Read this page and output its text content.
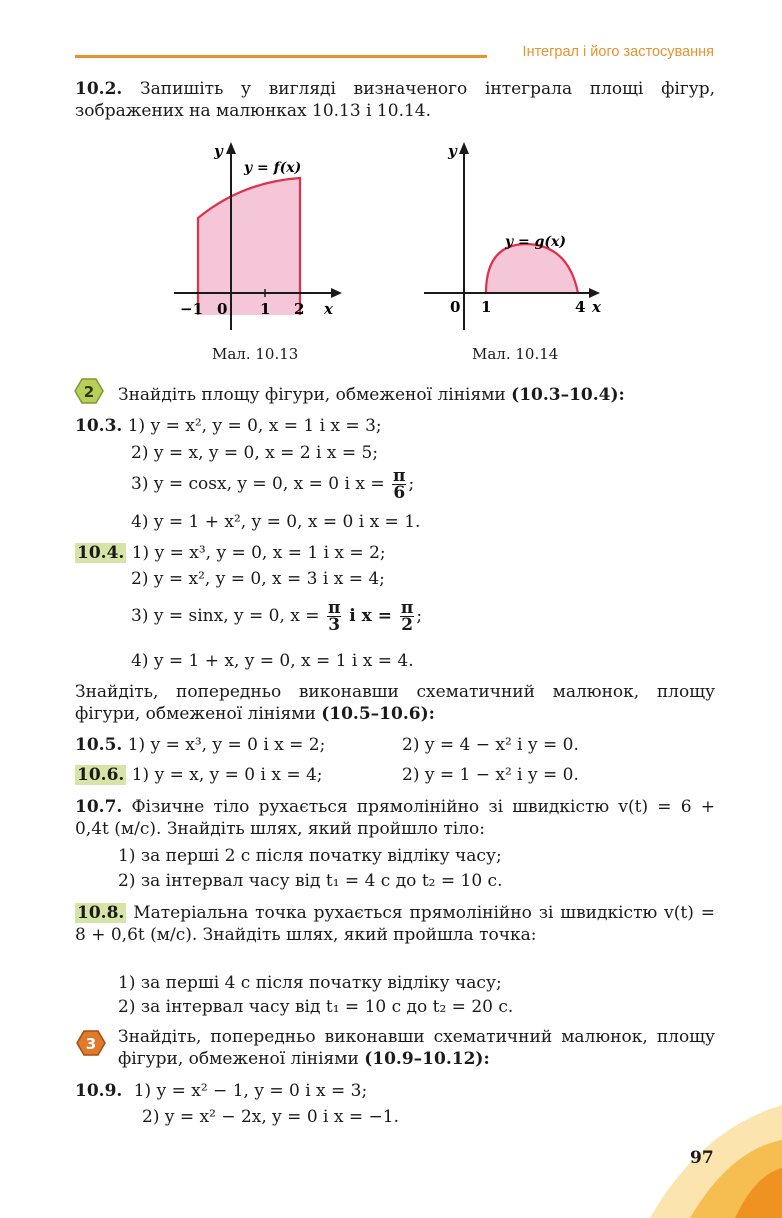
Інтеграл і його застосування
10.2. Запишіть у вигляді визначеного інтеграла площі фігур, зображених на малюнках 10.13 і 10.14.
y
y = f(x)
x
−1 0 1 2
Мал. 10.13
y
y = g(x)
x
0 1	4
Мал. 10.14
2 Знайдіть площу фігури, обмеженої лініями (10.3–10.4):
10.3. 1) y = x², y = 0, x = 1 і x = 3;
2) y = x, y = 0, x = 2 і x = 5;
3) y = cosx, y = 0, x = 0 і $x = \frac{\pi}{6}$ ;
4) y = 1 + x², y = 0, x = 0 і x = 1.
10.4. 1) y = x³, y = 0, x = 1 і x = 2;
2) y = x², y = 0, x = 3 і x = 4;
3) y = sinx, y = 0, $x = \frac{\pi}{3}$ і $x = \frac{\pi}{2}$ ;
4) y = 1 + x, y = 0, x = 1 і x = 4.
Знайдіть, попередньо виконавши схематичний малюнок, площу фігури, обмеженої лініями (10.5–10.6):
10.5. 1) y = x³, y = 0 і x = 2;	2) y = 4 − x² і y = 0.
10.6. 1) y = x, y = 0 і x = 4;	2) y = 1 − x² і y = 0.
10.7. Фізичне тіло рухається прямолінійно зі швидкістю v(t) = 6 + 0,4t (м/с). Знайдіть шлях, який пройшло тіло:
1) за перші 2 с після початку відліку часу;
2) за інтервал часу від t₁ = 4 с до t₂ = 10 с.
10.8. Матеріальна точка рухається прямолінійно зі швидкістю v(t) = 8 + 0,6t (м/с). Знайдіть шлях, який пройшла точка:
1) за перші 4 с після початку відліку часу;
2) за інтервал часу від t₁ = 10 с до t₂ = 20 с.
3 Знайдіть, попередньо виконавши схематичний малюнок, площу фігури, обмеженої лініями (10.9–10.12):
10.9. 1) y = x² − 1, y = 0 і x = 3;
2) y = x² − 2x, y = 0 і x = −1.
97
